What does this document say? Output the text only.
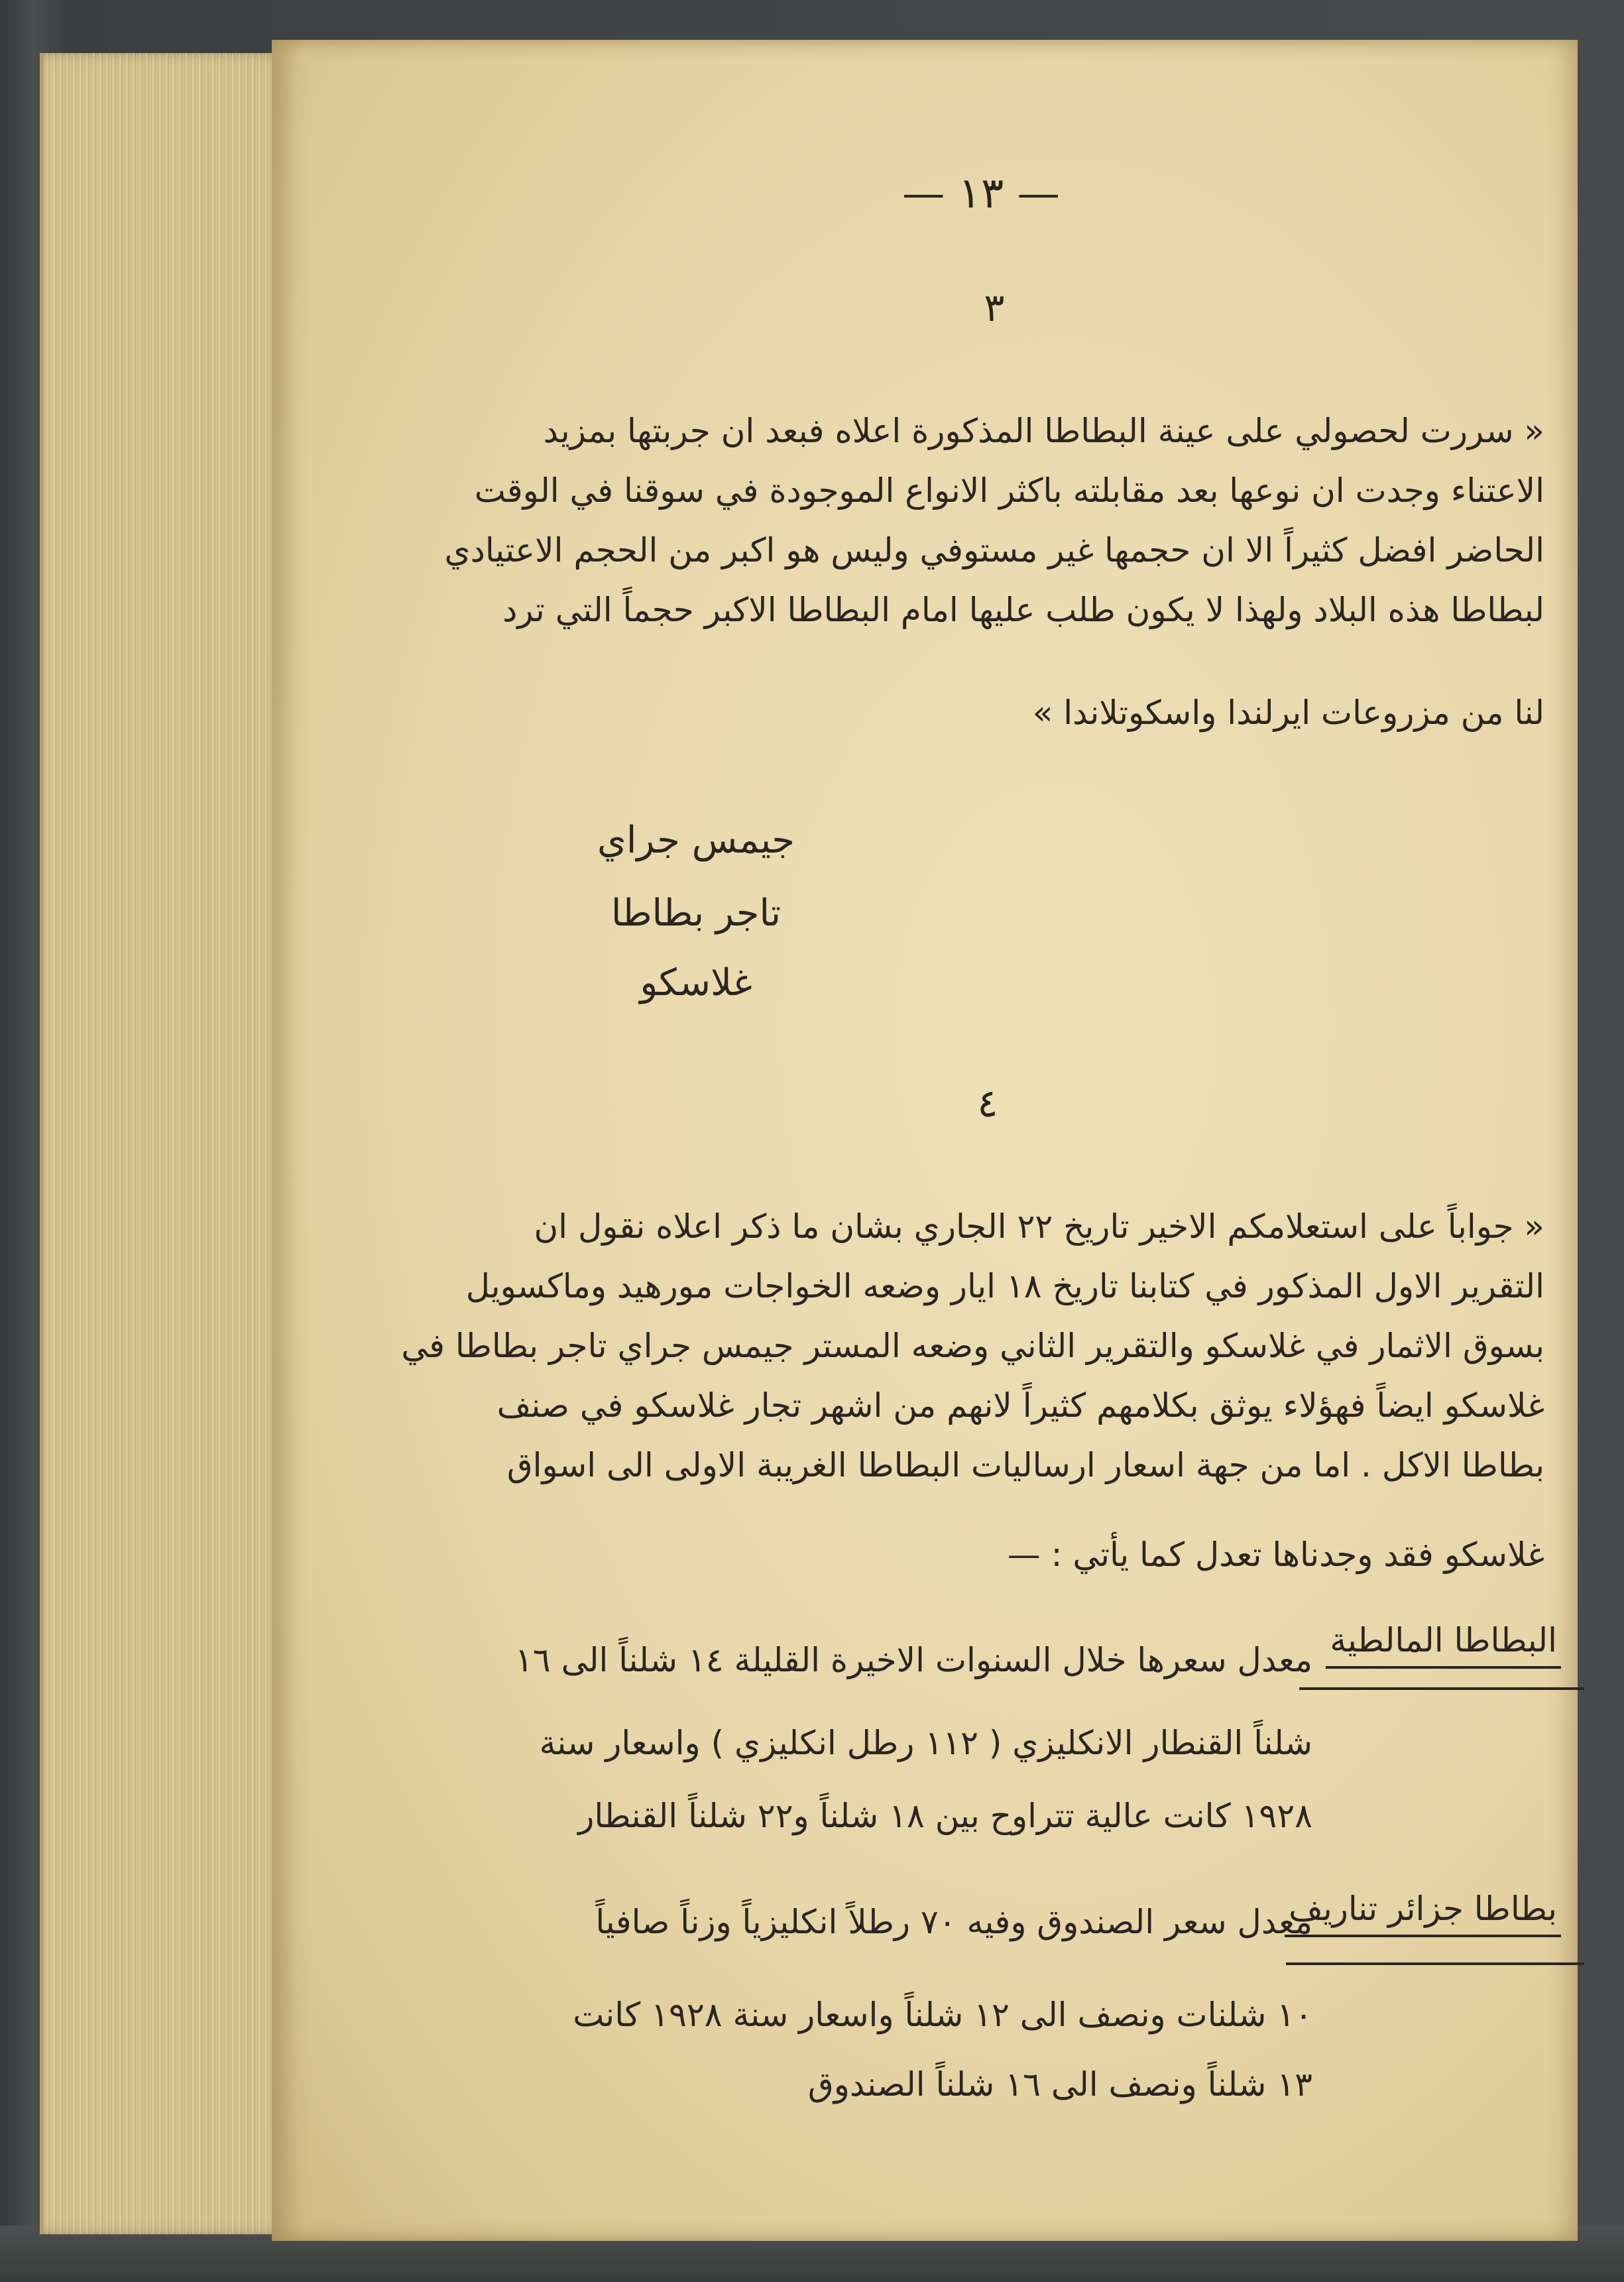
— ١٣ —
٣
« سررت لحصولي على عينة البطاطا المذكورة اعلاه فبعد ان جربتها بمزيد
الاعتناء وجدت ان نوعها بعد مقابلته باكثر الانواع الموجودة في سوقنا في الوقت
الحاضر افضل كثيراً الا ان حجمها غير مستوفي وليس هو اكبر من الحجم الاعتيادي
لبطاطا هذه البلاد ولهذا لا يكون طلب عليها امام البطاطا الاكبر حجماً التي ترد
لنا من مزروعات ايرلندا واسكوتلاندا »
جيمس جراي
تاجر بطاطا
غلاسكو
٤
« جواباً على استعلامكم الاخير تاريخ ٢٢ الجاري بشان ما ذكر اعلاه نقول ان
التقرير الاول المذكور في كتابنا تاريخ ١٨ ايار وضعه الخواجات مورهيد وماكسويل
بسوق الاثمار في غلاسكو والتقرير الثاني وضعه المستر جيمس جراي تاجر بطاطا في
غلاسكو ايضاً فهؤلاء يوثق بكلامهم كثيراً لانهم من اشهر تجار غلاسكو في صنف
بطاطا الاكل . اما من جهة اسعار ارساليات البطاطا الغريبة الاولى الى اسواق
غلاسكو فقد وجدناها تعدل كما يأتي : —
البطاطا المالطية
معدل سعرها خلال السنوات الاخيرة القليلة ١٤ شلناً الى ١٦
شلناً القنطار الانكليزي ( ١١٢ رطل انكليزي ) واسعار سنة
١٩٢٨ كانت عالية تتراوح بين ١٨ شلناً و٢٢ شلناً القنطار
بطاطا جزائر تناريف
معدل سعر الصندوق وفيه ٧٠ رطلاً انكليزياً وزناً صافياً
١٠ شلنات ونصف الى ١٢ شلناً واسعار سنة ١٩٢٨ كانت
١٣ شلناً ونصف الى ١٦ شلناً الصندوق
